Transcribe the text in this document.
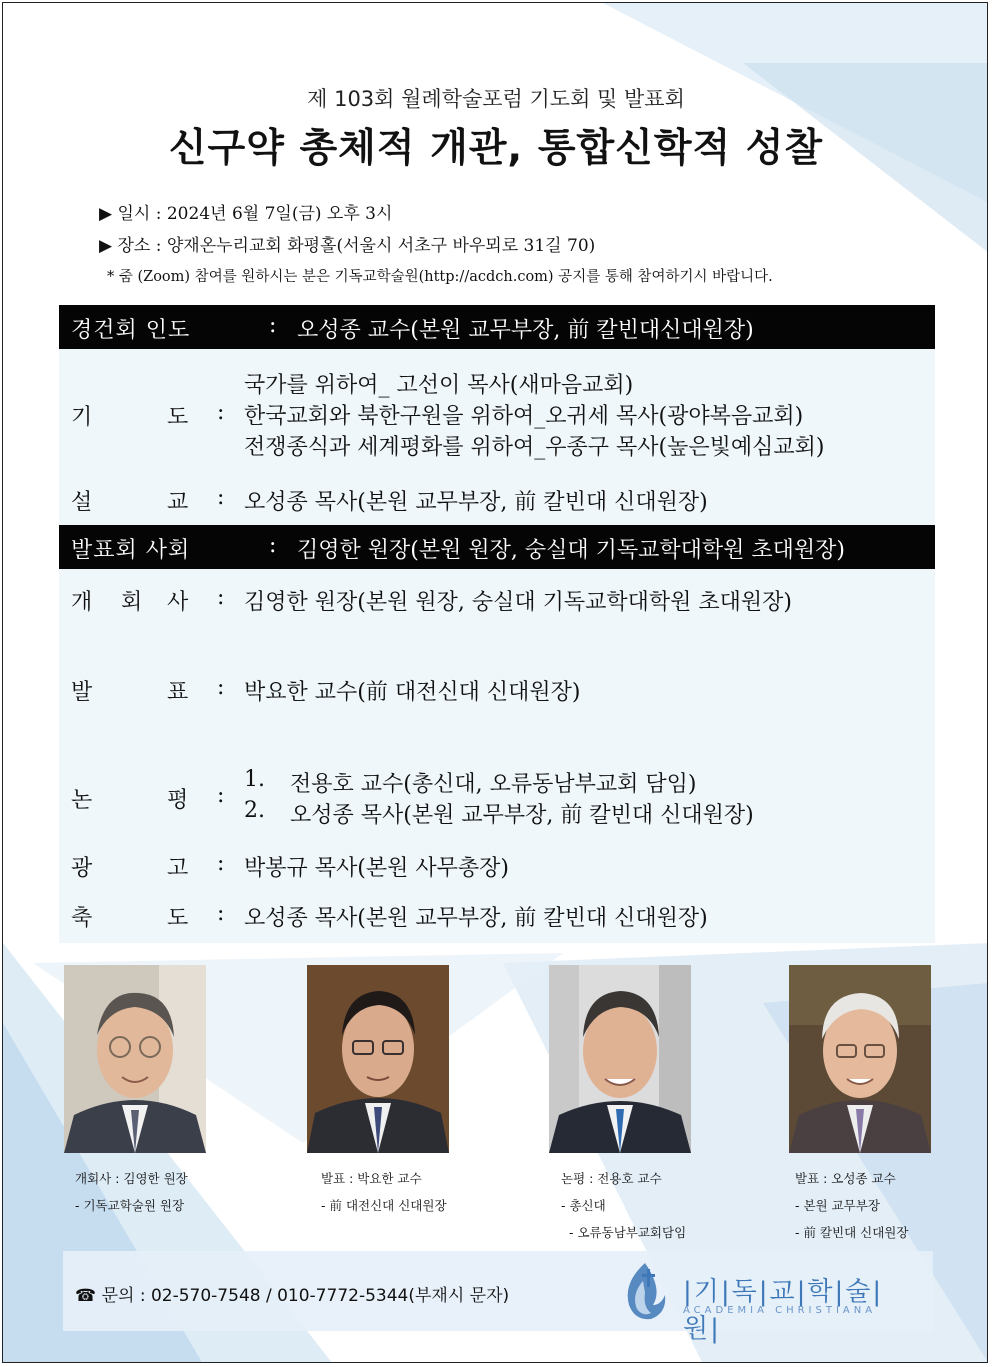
제 103회 월례학술포럼 기도회 및 발표회
신구약 총체적 개관, 통합신학적 성찰
▶ 일시 : 2024년 6월 7일(금) 오후 3시
▶ 장소 : 양재온누리교회 화평홀(서울시 서초구 바우뫼로 31길 70)
* 줌 (Zoom) 참여를 원하시는 분은 기독교학술원(http://acdch.com) 공지를 통해 참여하기시 바랍니다.
경건회 인도	: 오성종 교수(본원 교무부장, 前 칼빈대신대원장)
기	도 :
국가를 위하여_ 고선이 목사(새마음교회)
한국교회와 북한구원을 위하여_오귀세 목사(광야복음교회)
전쟁종식과 세계평화를 위하여_우종구 목사(높은빛예심교회)
설	교 : 오성종 목사(본원 교무부장, 前 칼빈대 신대원장)
발표회 사회	: 김영한 원장(본원 원장, 숭실대 기독교학대학원 초대원장)
개 회 사 : 김영한 원장(본원 원장, 숭실대 기독교학대학원 초대원장)
발	표 : 박요한 교수(前 대전신대 신대원장)
논	평 :
1. 전용호 교수(총신대, 오류동남부교회 담임)
2. 오성종 목사(본원 교무부장, 前 칼빈대 신대원장)
광	고 : 박봉규 목사(본원 사무총장)
축	도 : 오성종 목사(본원 교무부장, 前 칼빈대 신대원장)
개회사 : 김영한 원장
- 기독교학술원 원장
발표 : 박요한 교수
- 前 대전신대 신대원장
논평 : 전용호 교수
- 총신대
- 오류동남부교회담임
발표 : 오성종 교수
- 본원 교무부장
- 前 칼빈대 신대원장
☎ 문의 : 02-570-7548 / 010-7772-5344(부재시 문자)	|기|독|교|학|술|원|
ACADEMIA CHRISTIANA
